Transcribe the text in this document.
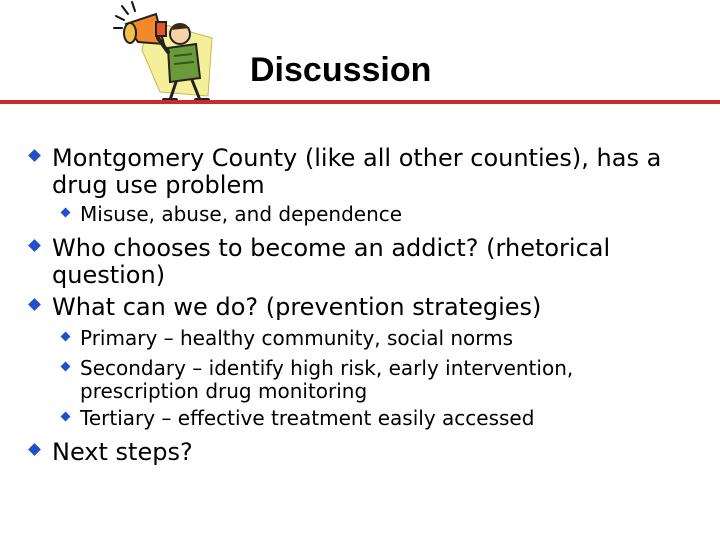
Discussion
Montgomery County (like all other counties), has a drug use problem
Misuse, abuse, and dependence
Who chooses to become an addict? (rhetorical question)
What can we do? (prevention strategies)
Primary – healthy community, social norms
Secondary – identify high risk, early intervention, prescription drug monitoring
Tertiary – effective treatment easily accessed
Next steps?
